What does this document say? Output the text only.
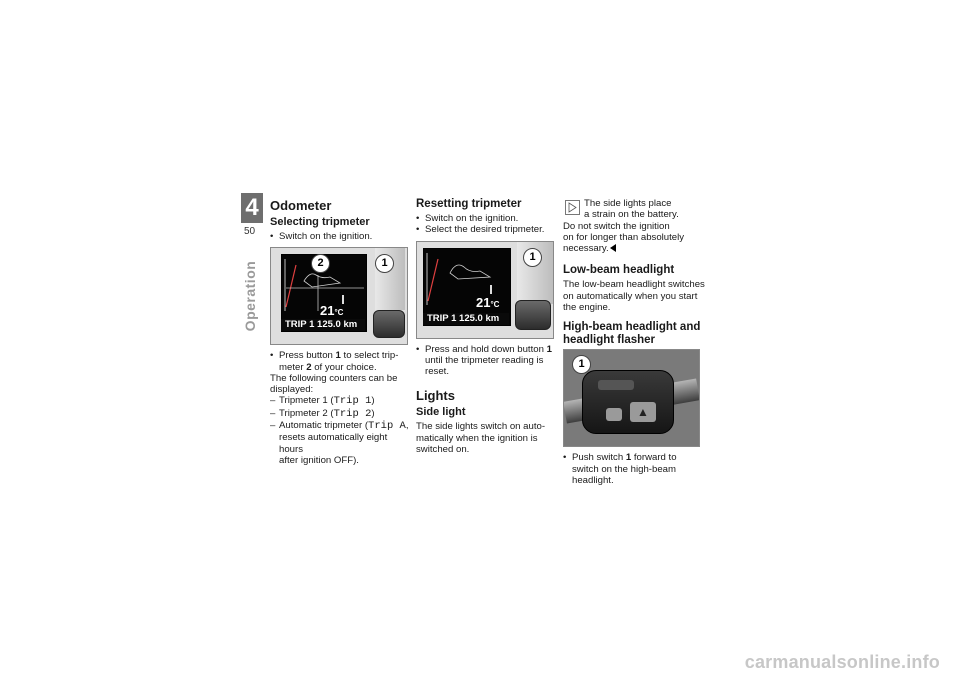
4
50
Operation
Odometer
Selecting tripmeter
• Switch on the ignition.
21°C
TRIP 1 125.0 km
2	1
• Press button 1 to select trip-
meter 2 of your choice.

The following counters can be

displayed:

– Tripmeter 1 (Trip 1)
– Tripmeter 2 (Trip 2)
– Automatic tripmeter (Trip A,
resets automatically eight hours
after ignition OFF).
Resetting tripmeter
• Switch on the ignition.
• Select the desired tripmeter.
21°C
TRIP 1 125.0 km
1
• Press and hold down button 1
until the tripmeter reading is
reset.
Lights
Side light

The side lights switch on auto-

matically when the ignition is

switched on.

The side lights place
a strain on the battery.

Do not switch the ignition

on for longer than absolutely

necessary.

Low-beam headlight

The low-beam headlight switches

on automatically when you start

the engine.

High-beam headlight and
headlight flasher
▲
1
• Push switch 1 forward to
switch on the high-beam
headlight.
carmanualsonline.info
